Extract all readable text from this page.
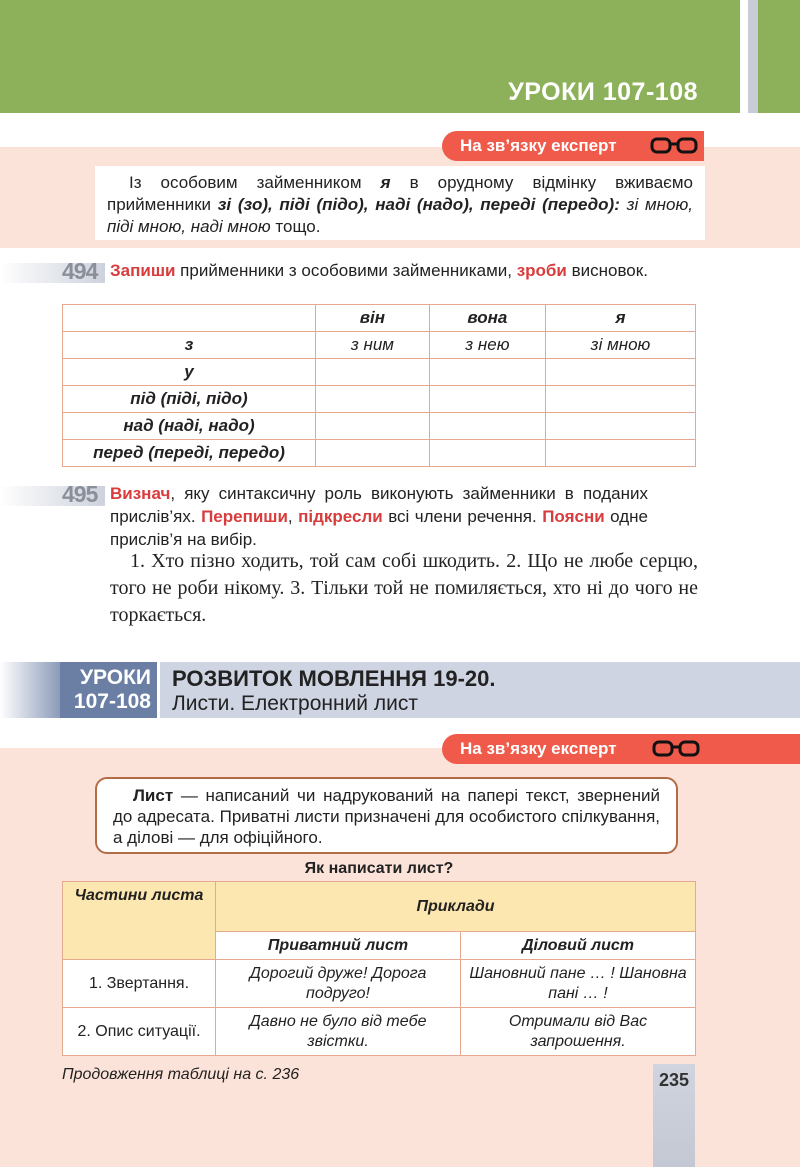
УРОКИ 107-108
На зв’язку експерт
Із особовим займенником я в орудному відмінку вживаємо прийменники зі (зо), піді (підо), наді (надо), переді (передо): зі мною, піді мною, наді мною тощо.
494 Запиши прийменники з особовими займенниками, зроби висновок.
	він	вона	я
з	з ним	з нею	зі мною
у			
під (піді, підо)			
над (наді, надо)			
перед (переді, передо)			
495 Визнач, яку синтаксичну роль виконують займенники в поданих прислів’ях. Перепиши, підкресли всі члени речення. Поясни одне прислів’я на вибір.
1. Хто пізно ходить, той сам собі шкодить. 2. Що не любе серцю, того не роби нікому. 3. Тільки той не помиляється, хто ні до чого не торкається.
УРОКИ
107-108
РОЗВИТОК МОВЛЕННЯ 19-20.
Листи. Електронний лист
На зв’язку експерт
Лист — написаний чи надрукований на папері текст, звернений до адресата. Приватні листи призначені для особистого спілкування, а ділові — для офіційного.
Як написати лист?
Частини листа	Приклади	
	Приватний лист	Діловий лист
1. Звертання.	Дорогий друже! Дорога подруго!	Шановний пане … ! Шановна пані … !
2. Опис ситуації.	Давно не було від тебе звістки.	Отримали від Вас запрошення.
Продовження таблиці на с. 236	235
